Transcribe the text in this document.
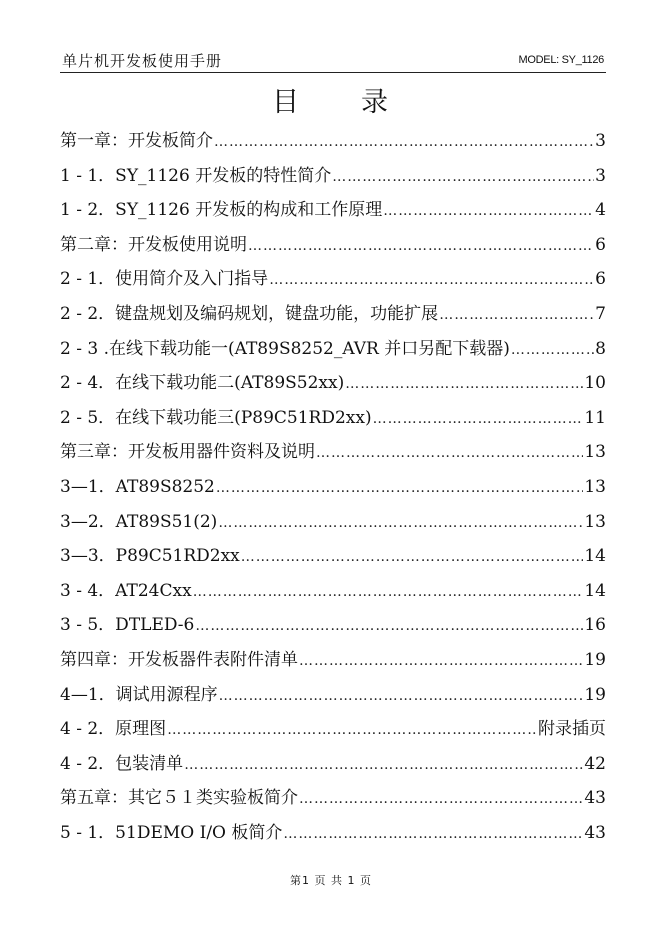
单片机开发板使用手册	MODEL: SY_1126
目 录
第一章：开发板简介 ……………………………………………………………………………………………………………………………………	3
1 - 1．SY_1126 开发板的特性简介 ……………………………………………………………………………………………………………………………………	3
1 - 2．SY_1126 开发板的构成和工作原理 ……………………………………………………………………………………………………………………………………	4
第二章：开发板使用说明 ……………………………………………………………………………………………………………………………………	6
2 - 1．使用简介及入门指导 ……………………………………………………………………………………………………………………………………	6
2 - 2．键盘规划及编码规划，键盘功能，功能扩展 ……………………………………………………………………………………………………………………………………	7
2 - 3 .在线下载功能一(AT89S8252_AVR 并口另配下载器) ……………………………………………………………………………………………………………………………………	8
2 - 4．在线下载功能二(AT89S52xx) ……………………………………………………………………………………………………………………………………	10
2 - 5．在线下载功能三(P89C51RD2xx) ……………………………………………………………………………………………………………………………………	11
第三章：开发板用器件资料及说明 ……………………………………………………………………………………………………………………………………	13
3—1．AT89S8252 ……………………………………………………………………………………………………………………………………	13
3—2．AT89S51(2) ……………………………………………………………………………………………………………………………………	13
3—3．P89C51RD2xx ……………………………………………………………………………………………………………………………………	14
3 - 4．AT24Cxx ……………………………………………………………………………………………………………………………………	14
3 - 5．DTLED-6 ……………………………………………………………………………………………………………………………………	16
第四章：开发板器件表附件清单 ……………………………………………………………………………………………………………………………………	19
4—1．调试用源程序 ……………………………………………………………………………………………………………………………………	19
4 - 2．原理图 ……………………………………………………………………………………………………………………………………	附录插页
4 - 2．包装清单 ……………………………………………………………………………………………………………………………………	42
第五章：其它５１类实验板简介 ……………………………………………………………………………………………………………………………………	43
5 - 1．51DEMO I/O 板简介 ……………………………………………………………………………………………………………………………………	43
第1 页 共 1 页
